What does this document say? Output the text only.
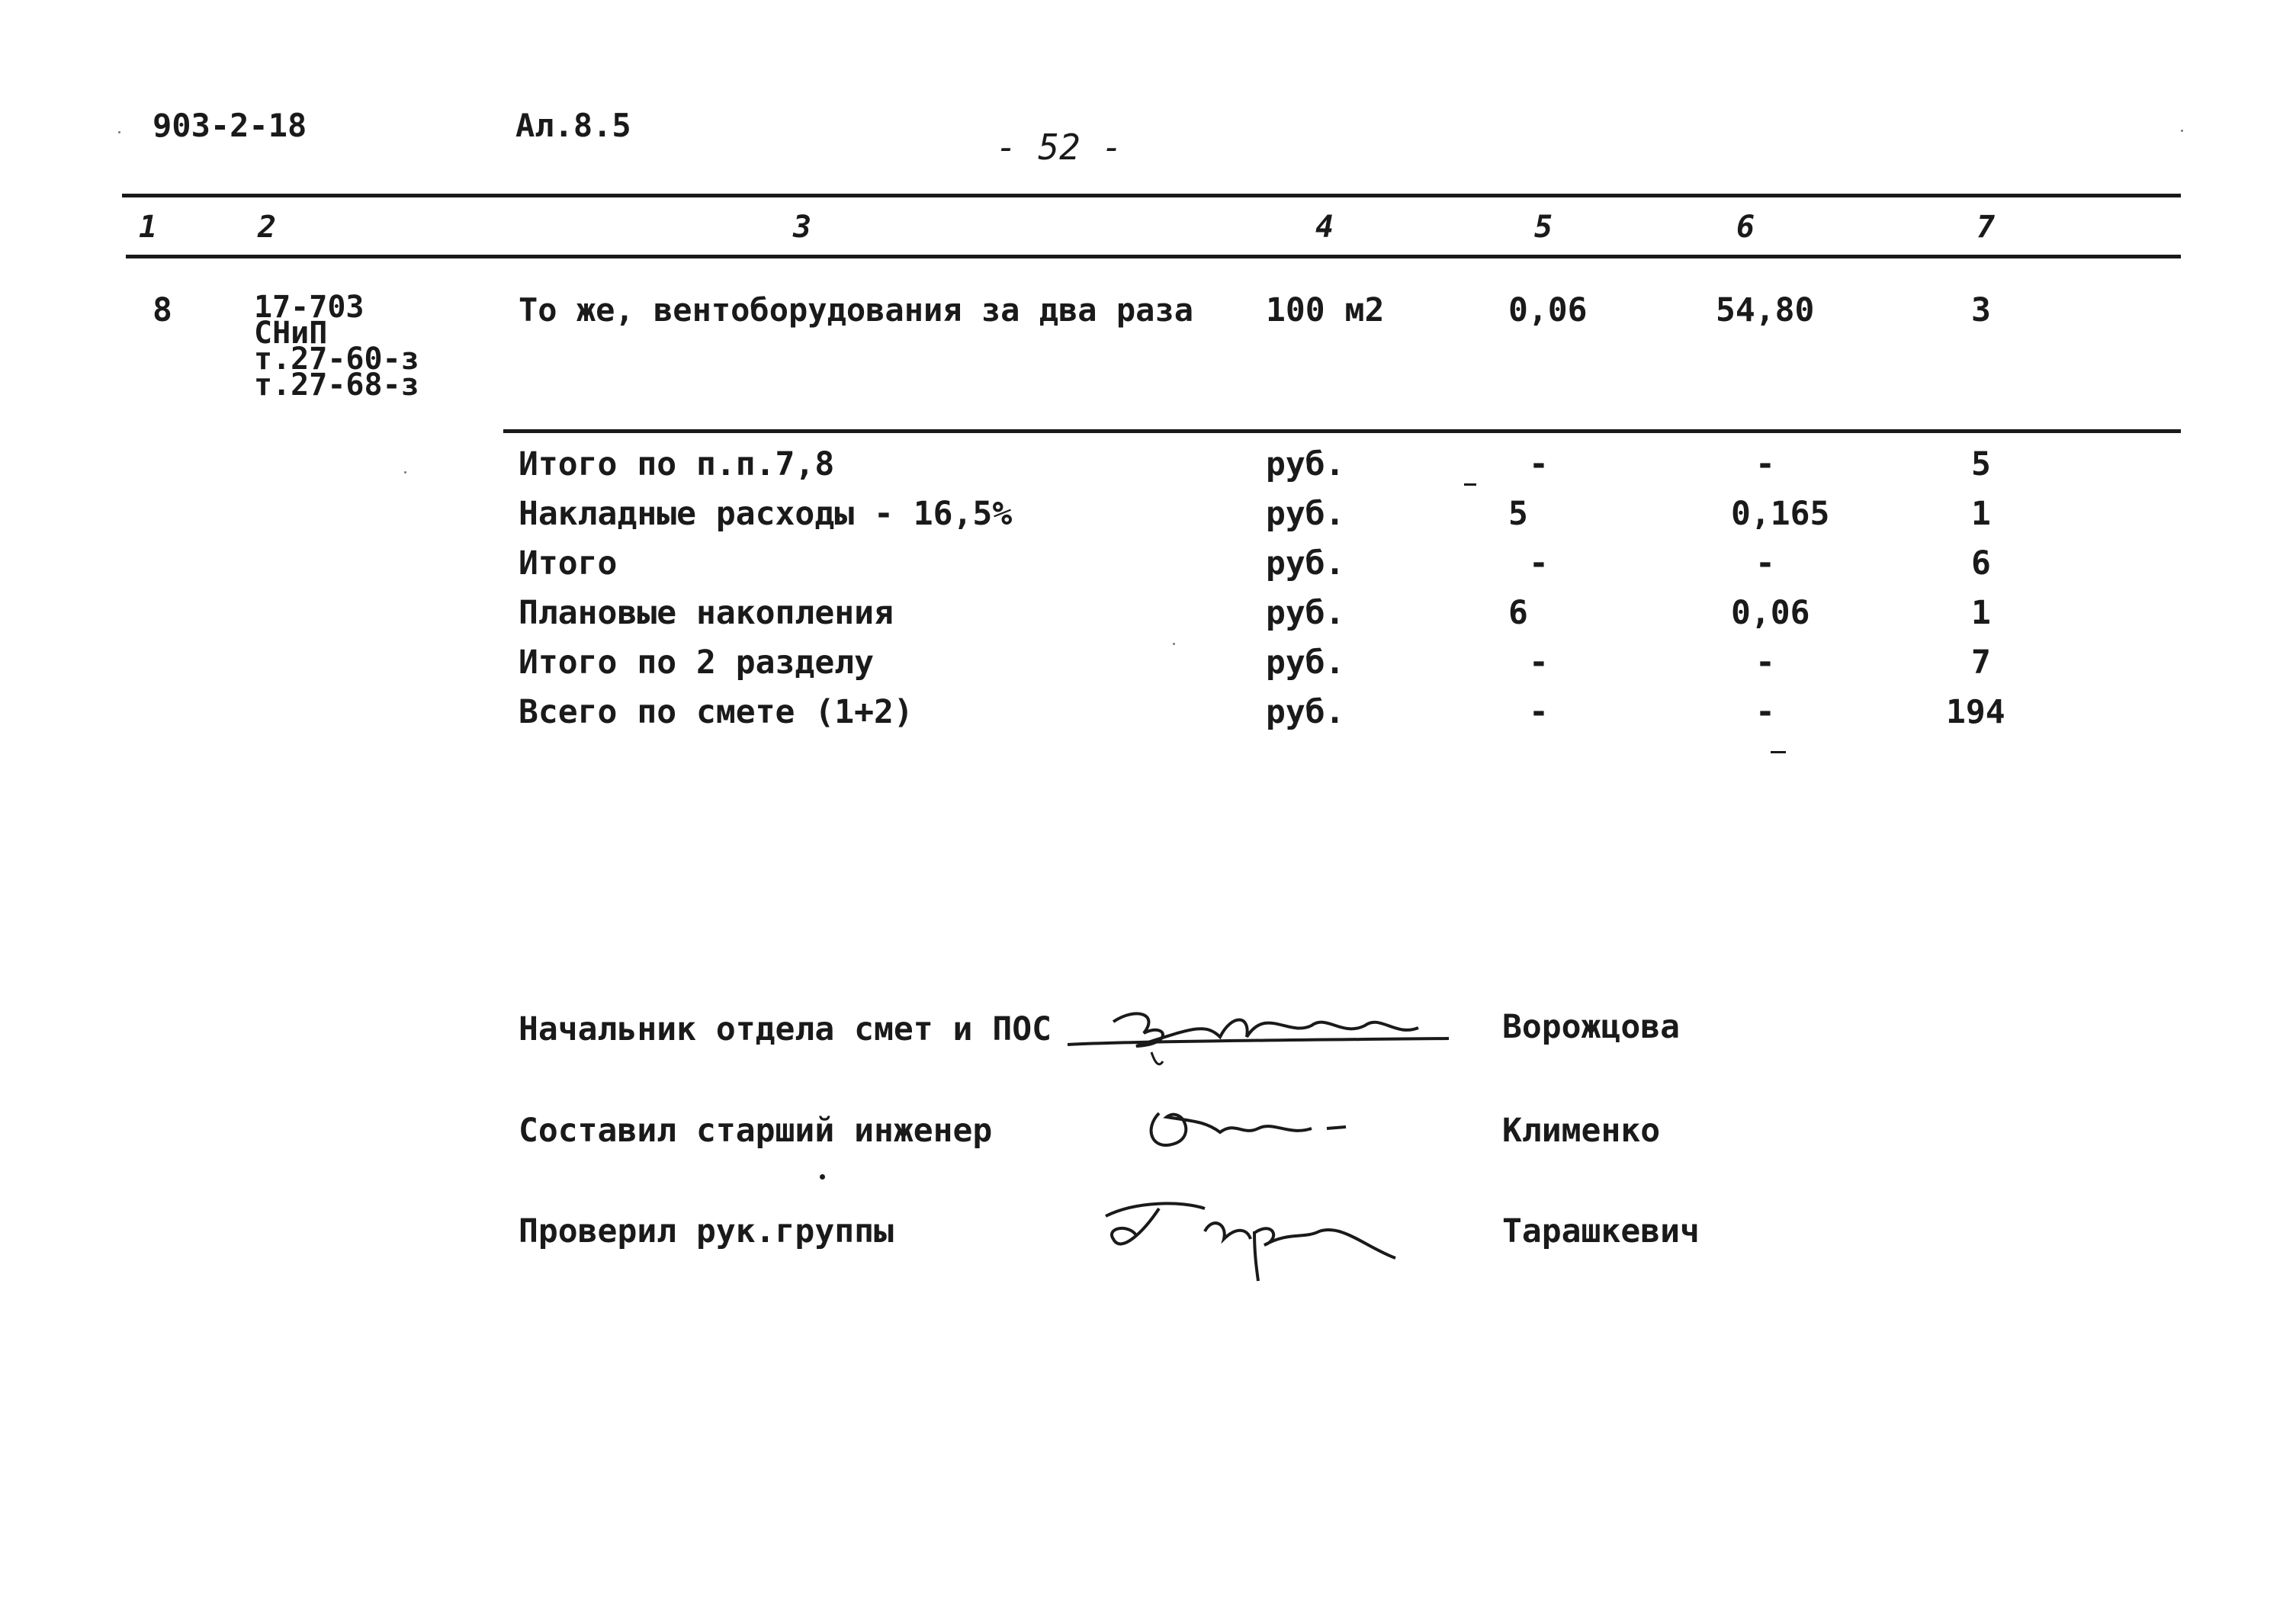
903-2-18	Ал.8.5
- 52 -
1	2	3	4	5	6	7
8	17-703
СНиП
т.27-60-з
т.27-68-з
То же, вентоборудования за два раза 100 м2	0,06	54,80	3
Итого по п.п.7,8	руб.	-	-	5
Накладные расходы - 16,5%	руб.	5	0,165	1
Итого	руб.	-	-	6
Плановые накопления	руб.	6	0,06	1
Итого по 2 разделу	руб.	-	-	7
Всего по смете (1+2)	руб.	-	-	194
Начальник отдела смет и ПОС	Ворожцова
Составил старший инженер	Клименко
Проверил рук.группы	Тарашкевич
